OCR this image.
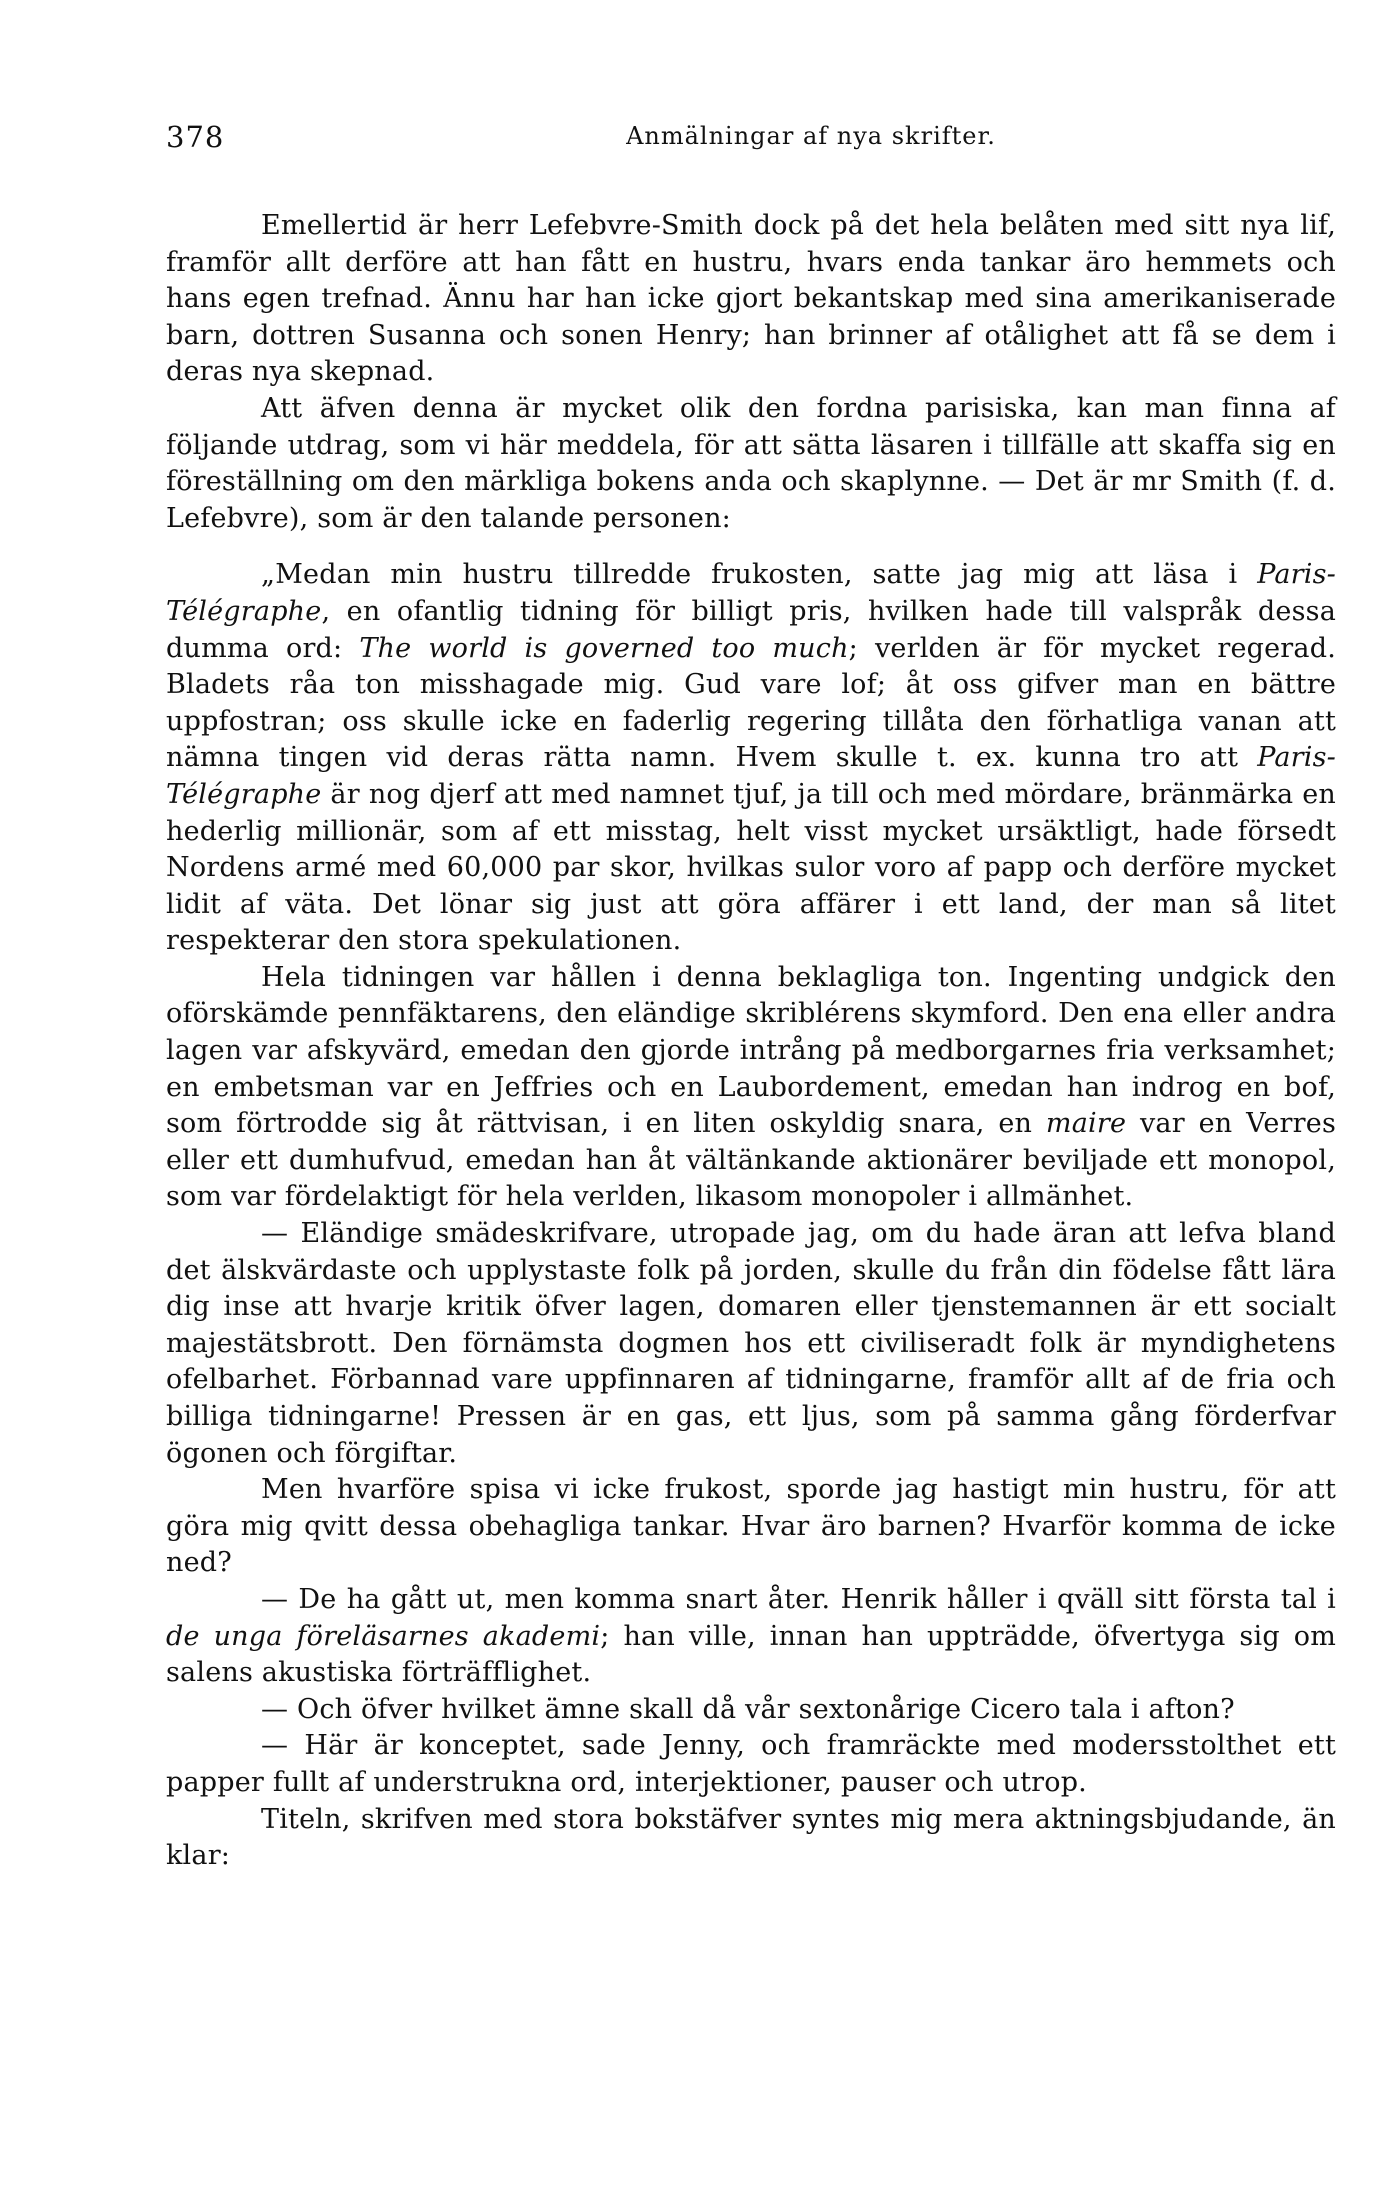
378	Anmälningar af nya skrifter.

Emellertid är herr Lefebvre-Smith dock på det hela belåten med sitt nya lif, framför allt derföre att han fått en hustru, hvars enda tankar äro hemmets och hans egen trefnad. Ännu har han icke gjort bekantskap med sina amerikaniserade barn, dottren Susanna och sonen Henry; han brinner af otålighet att få se dem i deras nya skepnad.

Att äfven denna är mycket olik den fordna parisiska, kan man finna af följande utdrag, som vi här meddela, för att sätta läsaren i tillfälle att skaffa sig en föreställning om den märkliga bokens anda och skaplynne. — Det är mr Smith (f. d. Lefebvre), som är den talande personen:

„Medan min hustru tillredde frukosten, satte jag mig att läsa i Paris-Télégraphe, en ofantlig tidning för billigt pris, hvilken hade till valspråk dessa dumma ord: The world is governed too much; verlden är för mycket regerad. Bladets råa ton misshagade mig. Gud vare lof; åt oss gifver man en bättre uppfostran; oss skulle icke en faderlig regering tillåta den förhatliga vanan att nämna tingen vid deras rätta namn. Hvem skulle t. ex. kunna tro att Paris-Télégraphe är nog djerf att med namnet tjuf, ja till och med mördare, bränmärka en hederlig millionär, som af ett misstag, helt visst mycket ursäktligt, hade försedt Nordens armé med 60,000 par skor, hvilkas sulor voro af papp och derföre mycket lidit af väta. Det lönar sig just att göra affärer i ett land, der man så litet respekterar den stora spekulationen.

Hela tidningen var hållen i denna beklagliga ton. Ingenting undgick den oförskämde pennfäktarens, den eländige skriblérens skymford. Den ena eller andra lagen var afskyvärd, emedan den gjorde intrång på medborgarnes fria verksamhet; en embetsman var en Jeffries och en Laubordement, emedan han indrog en bof, som förtrodde sig åt rättvisan, i en liten oskyldig snara, en maire var en Verres eller ett dumhufvud, emedan han åt vältänkande aktionärer beviljade ett monopol, som var fördelaktigt för hela verlden, likasom monopoler i allmänhet.

— Eländige smädeskrifvare, utropade jag, om du hade äran att lefva bland det älskvärdaste och upplystaste folk på jorden, skulle du från din födelse fått lära dig inse att hvarje kritik öfver lagen, domaren eller tjenstemannen är ett socialt majestätsbrott. Den förnämsta dogmen hos ett civiliseradt folk är myndighetens ofelbarhet. Förbannad vare uppfinnaren af tidningarne, framför allt af de fria och billiga tidningarne! Pressen är en gas, ett ljus, som på samma gång förderfvar ögonen och förgiftar.

Men hvarföre spisa vi icke frukost, sporde jag hastigt min hustru, för att göra mig qvitt dessa obehagliga tankar. Hvar äro barnen? Hvarför komma de icke ned?

— De ha gått ut, men komma snart åter. Henrik håller i qväll sitt första tal i de unga föreläsarnes akademi; han ville, innan han uppträdde, öfvertyga sig om salens akustiska förträfflighet.

— Och öfver hvilket ämne skall då vår sextonårige Cicero tala i afton?

— Här är konceptet, sade Jenny, och framräckte med modersstolthet ett papper fullt af understrukna ord, interjektioner, pauser och utrop.

Titeln, skrifven med stora bokstäfver syntes mig mera aktningsbjudande, än klar:
